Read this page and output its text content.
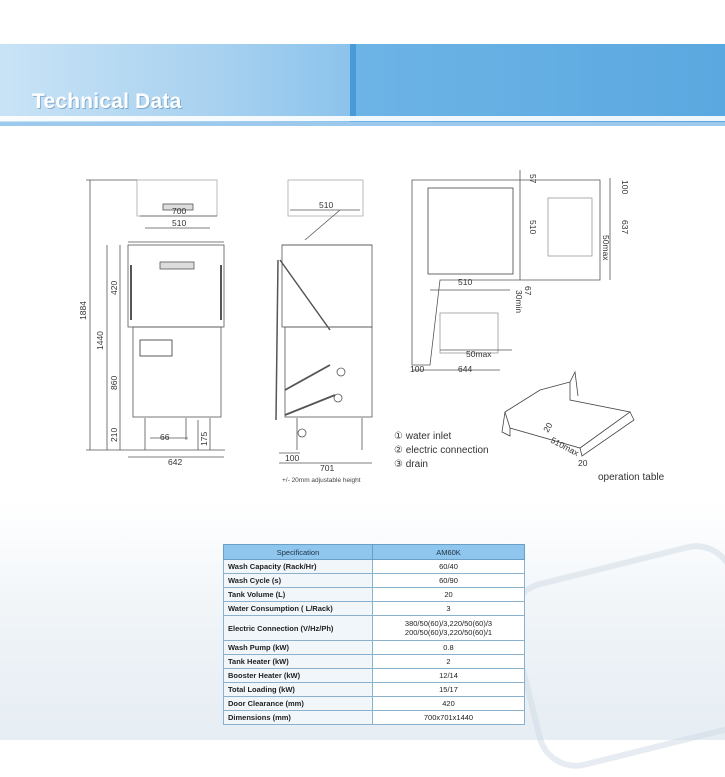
Technical Data
700
510
1884
420
1440
860
210	66	175
642
510
100
701
57
100
510	637
50max
510
67
30min
50max
100	644
510max
20
20
① water inlet
② electric connection
③ drain
+/- 20mm adjustable height	operation table
Specification	AM60K
Wash Capacity (Rack/Hr)	60/40
Wash Cycle (s)	60/90
Tank Volume (L)	20
Water Consumption ( L/Rack)	3
Electric Connection (V/Hz/Ph)	380/50(60)/3,220/50(60)/3
200/50(60)/3,220/50(60)/1

Wash Pump (kW)	0.8
Tank Heater (kW)	2
Booster Heater (kW)	12/14
Total Loading (kW)	15/17
Door Clearance (mm)	420
Dimensions (mm)	700x701x1440
